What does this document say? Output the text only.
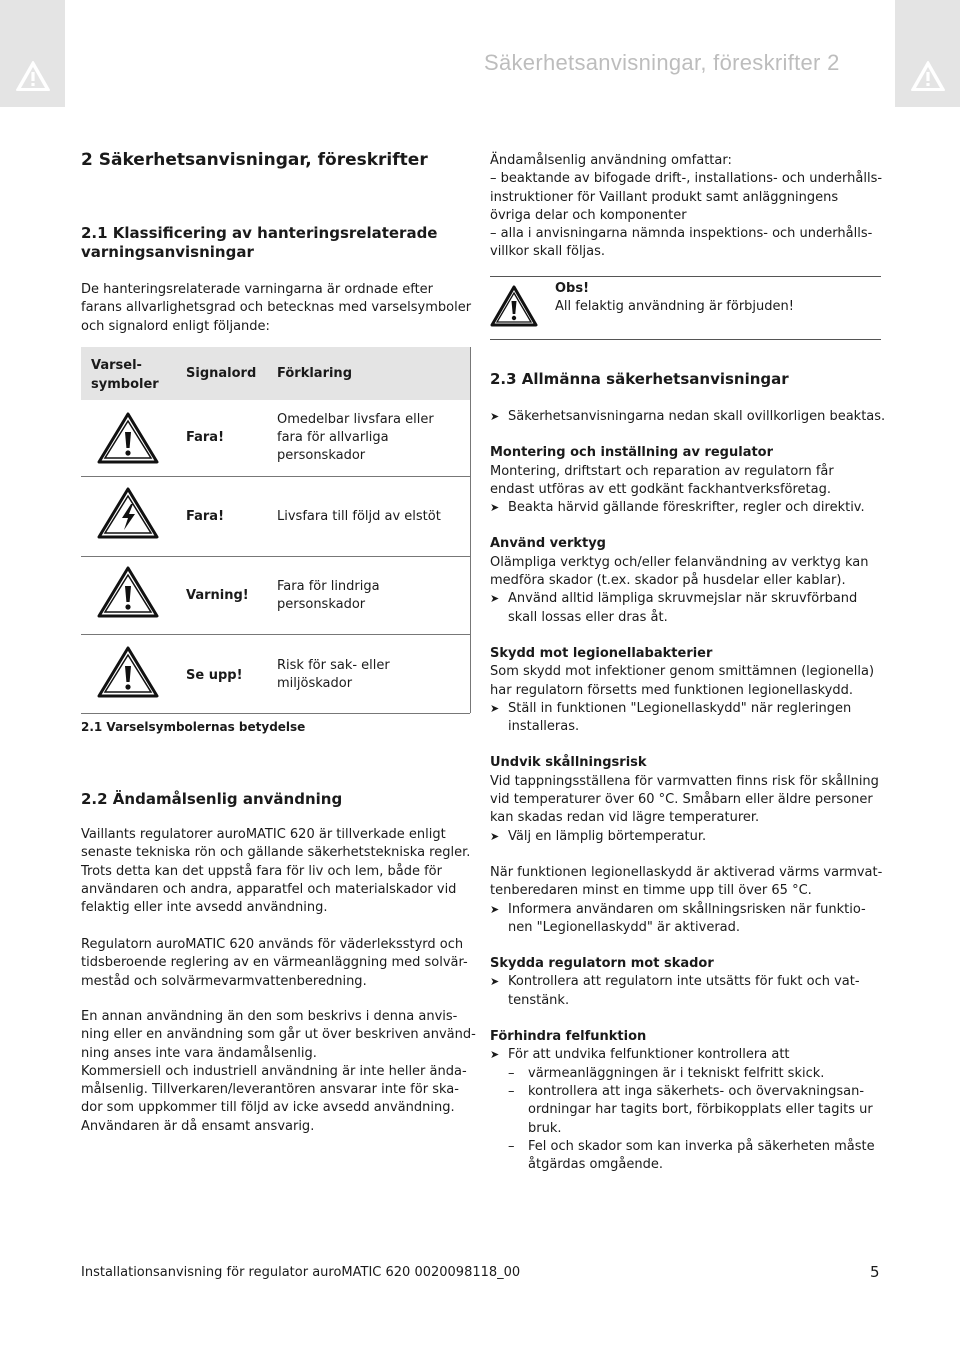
Säkerhetsanvisningar, föreskrifter 2
2 Säkerhetsanvisningar, föreskrifter
2.1 Klassificering av hanteringsrelaterade
varningsanvisningar
De hanteringsrelaterade varningarna är ordnade efter
farans allvarlighetsgrad och betecknas med varselsymboler
och signalord enligt följande:
Varsel-
symboler
Signalord Förklaring
Fara!
Omedelbar livsfara eller
fara för allvarliga
personskador
Fara!	Livsfara till följd av elstöt
Varning!
Fara för lindriga
personskador
Se upp!
Risk för sak- eller
miljöskador
2.1 Varselsymbolernas betydelse
2.2 Ändamålsenlig användning
Vaillants regulatorer auroMATIC 620 är tillverkade enligt
senaste tekniska rön och gällande säkerhetstekniska regler.
Trots detta kan det uppstå fara för liv och lem, både för
användaren och andra, apparatfel och materialskador vid
felaktig eller inte avsedd användning.
Regulatorn auroMATIC 620 används för väderleksstyrd och
tidsberoende reglering av en värmeanläggning med solvär-
meståd och solvärmevarmvattenberedning.
En annan användning än den som beskrivs i denna anvis-
ning eller en användning som går ut över beskriven använd-
ning anses inte vara ändamålsenlig.
Kommersiell och industriell användning är inte heller ända-
målsenlig. Tillverkaren/leverantören ansvarar inte för ska-
dor som uppkommer till följd av icke avsedd användning.
Användaren är då ensamt ansvarig.
Ändamålsenlig användning omfattar:
– beaktande av bifogade drift-, installations- och underhålls-
instruktioner för Vaillant produkt samt anläggningens
övriga delar och komponenter
– alla i anvisningarna nämnda inspektions- och underhålls-
villkor skall följas.
Obs!
All felaktig användning är förbjuden!
2.3 Allmänna säkerhetsanvisningar
➤ Säkerhetsanvisningarna nedan skall ovillkorligen beaktas.
Montering och inställning av regulator
Montering, driftstart och reparation av regulatorn får
endast utföras av ett godkänt fackhantverksföretag.
➤ Beakta härvid gällande föreskrifter, regler och direktiv.
Använd verktyg
Olämpliga verktyg och/eller felanvändning av verktyg kan
medföra skador (t.ex. skador på husdelar eller kablar).
➤ Använd alltid lämpliga skruvmejslar när skruvförband
skall lossas eller dras åt.
Skydd mot legionellabakterier
Som skydd mot infektioner genom smittämnen (legionella)
har regulatorn försetts med funktionen legionellaskydd.
➤ Ställ in funktionen "Legionellaskydd" när regleringen
installeras.
Undvik skållningsrisk
Vid tappningsställena för varmvatten finns risk för skållning
vid temperaturer över 60 °C. Småbarn eller äldre personer
kan skadas redan vid lägre temperaturer.
➤ Välj en lämplig börtemperatur.
När funktionen legionellaskydd är aktiverad värms varmvat-
tenberedaren minst en timme upp till över 65 °C.
➤ Informera användaren om skållningsrisken när funktio-
nen "Legionellaskydd" är aktiverad.
Skydda regulatorn mot skador
➤ Kontrollera att regulatorn inte utsätts för fukt och vat-
tenstänk.
Förhindra felfunktion
➤ För att undvika felfunktioner kontrollera att
– värmeanläggningen är i tekniskt felfritt skick.
– kontrollera att inga säkerhets- och övervakningsan-
ordningar har tagits bort, förbikopplats eller tagits ur
bruk.
– Fel och skador som kan inverka på säkerheten måste
åtgärdas omgående.
Installationsanvisning för regulator auroMATIC 620 0020098118_00	5
